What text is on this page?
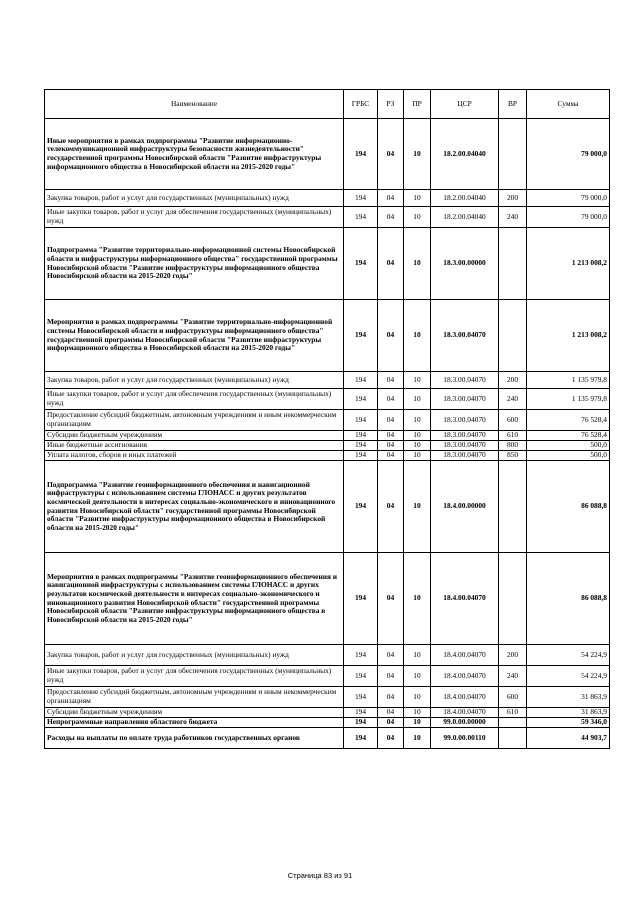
Наименование	ГРБС	РЗ	ПР	ЦСР	ВР	Сумма
Иные мероприятия в рамках подпрограммы "Развитие информационно-телекоммуникационной инфраструктуры безопасности жизнедеятельности" государственной программы Новосибирской области "Развитие инфраструктуры информационного общества в Новосибирской области на 2015-2020 годы"	194	04	10	18.2.00.04040		79 000,0
Закупка товаров, работ и услуг для государственных (муниципальных) нужд	194	04	10	18.2.00.04040	200	79 000,0
Иные закупки товаров, работ и услуг для обеспечения государственных (муниципальных) нужд	194	04	10	18.2.00.04040	240	79 000,0
Подпрограмма "Развитие территориально-информационной системы Новосибирской области и инфраструктуры информационного общества" государственной программы Новосибирской области "Развитие инфраструктуры информационного общества Новосибирской области на 2015-2020 годы"	194	04	10	18.3.00.00000		1 213 008,2
Мероприятия в рамках подпрограммы "Развитие территориально-информационной системы Новосибирской области и инфраструктуры информационного общества" государственной программы Новосибирской области "Развитие инфраструктуры информационного общества в Новосибирской области на 2015-2020 годы"	194	04	10	18.3.00.04070		1 213 008,2
Закупка товаров, работ и услуг для государственных (муниципальных) нужд	194	04	10	18.3.00.04070	200	1 135 979,8
Иные закупки товаров, работ и услуг для обеспечения государственных (муниципальных) нужд	194	04	10	18.3.00.04070	240	1 135 979,8
Предоставление субсидий бюджетным, автономным учреждениям и иным некоммерческим организациям	194	04	10	18.3.00.04070	600	76 528,4
Субсидии бюджетным учреждениям	194	04	10	18.3.00.04070	610	76 528,4
Иные бюджетные ассигнования	194	04	10	18.3.00.04070	800	500,0
Уплата налогов, сборов и иных платежей	194	04	10	18.3.00.04070	850	500,0
Подпрограмма "Развитие геоинформационного обеспечения и навигационной инфраструктуры с использованием системы ГЛОНАСС и других результатов космической деятельности в интересах социально-экономического и инновационного развития Новосибирской области" государственной программы Новосибирской области "Развитие инфраструктуры информационного общества в Новосибирской области на 2015-2020 годы"	194	04	10	18.4.00.00000		86 088,8
Мероприятия в рамках подпрограммы "Развитие геоинформационного обеспечения и навигационной инфраструктуры с использованием системы ГЛОНАСС и других результатов космической деятельности в интересах социально-экономического и инновационного развития Новосибирской области" государственной программы Новосибирской области "Развитие инфраструктуры информационного общества в Новосибирской области на 2015-2020 годы"	194	04	10	18.4.00.04070		86 088,8
Закупка товаров, работ и услуг для государственных (муниципальных) нужд	194	04	10	18.4.00.04070	200	54 224,9
Иные закупки товаров, работ и услуг для обеспечения государственных (муниципальных) нужд	194	04	10	18.4.00.04070	240	54 224,9
Предоставление субсидий бюджетным, автономным учреждениям и иным некоммерческим организациям	194	04	10	18.4.00.04070	600	31 863,9
Субсидии бюджетным учреждениям	194	04	10	18.4.00.04070	610	31 863,9
Непрограммные направления областного бюджета	194	04	10	99.0.00.00000		59 346,0
Расходы на выплаты по оплате труда работников государственных органов	194	04	10	99.0.00.00110		44 903,7
Страница 83 из 91
